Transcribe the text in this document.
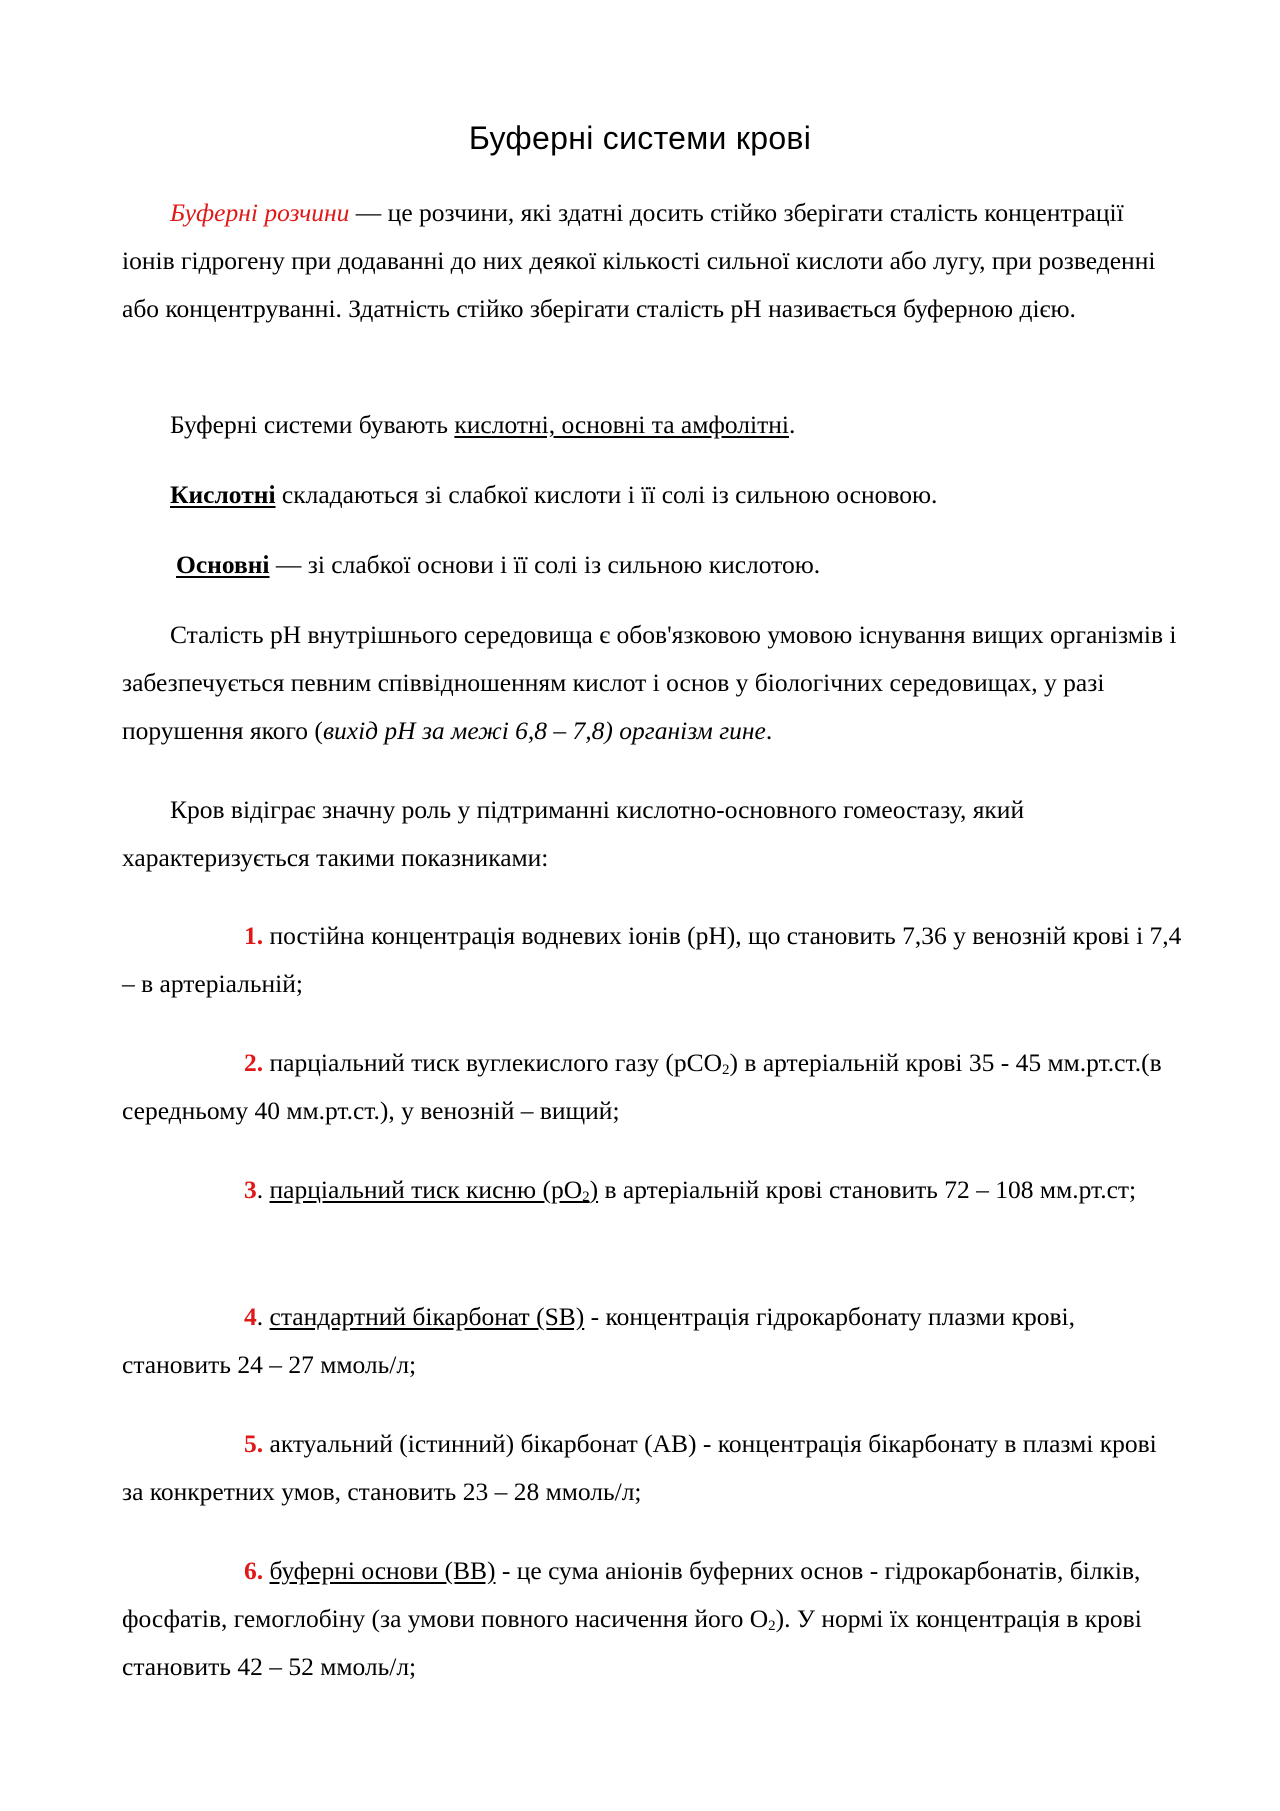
Буферні системи крові

Буферні розчини — це розчини, які здатні досить стійко зберігати сталість концентрації іонів гідрогену при додаванні до них деякої кількості сильної кислоти або лугу, при розведенні або концентруванні. Здатність стійко зберігати сталість pH називається буферною дією.

Буферні системи бувають кислотні, основні та амфолітні.

Кислотні складаються зі слабкої кислоти і її солі із сильною основою.

Основні — зі слабкої основи і її солі із сильною кислотою.

Сталість pH внутрішнього середовища є обов'язковою умовою існування вищих організмів і забезпечується певним співвідношенням кислот і основ у біологічних середовищах, у разі порушення якого (вихід pH за межі 6,8 – 7,8) організм гине.

Кров відіграє значну роль у підтриманні кислотно-основного гомеостазу, який характеризується такими показниками:

1. постійна концентрація водневих іонів (pH), що становить 7,36 у венозній крові і 7,4 – в артеріальній;

2. парціальний тиск вуглекислого газу (pCO$_2$) в артеріальній крові 35 - 45 мм.рт.ст.(в середньому 40 мм.рт.ст.), у венозній – вищий;

3. парціальний тиск кисню $(pO_2)$ в артеріальній крові становить 72 – 108 мм.рт.ст;

4. стандартний бікарбонат (SB) - концентрація гідрокарбонату плазми крові, становить 24 – 27 ммоль/л;

5. актуальний (істинний) бікарбонат (AB) - концентрація бікарбонату в плазмі крові за конкретних умов, становить 23 – 28 ммоль/л;

6. буферні основи (BB) - це сума аніонів буферних основ - гідрокарбонатів, білків, фосфатів, гемоглобіну (за умови повного насичення його $O_2$). У нормі їх концентрація в крові становить 42 – 52 ммоль/л;
